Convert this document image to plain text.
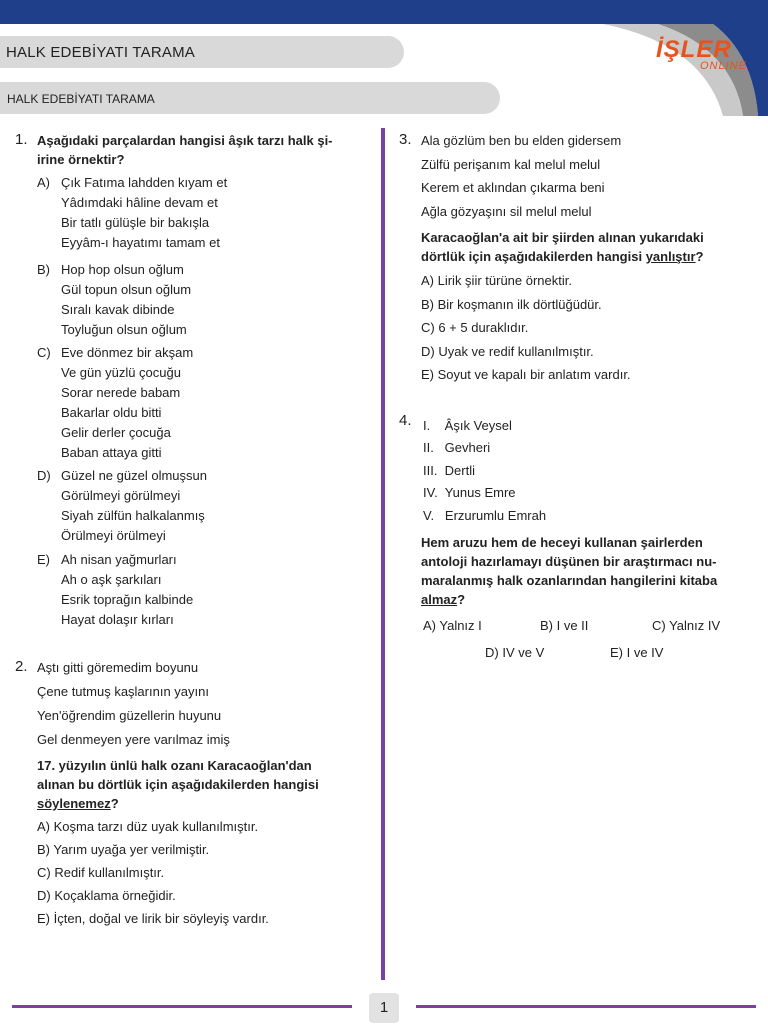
HALK EDEBİYATI TARAMA
HALK EDEBİYATI TARAMA
İŞLER
ONLINE
1. Aşağıdaki parçalardan hangisi âşık tarzı halk şi-
irine örnektir?
A) Çık Fatıma lahdden kıyam et
Yâdımdaki hâline devam et
Bir tatlı gülüşle bir bakışla
Eyyâm-ı hayatımı tamam et
B) Hop hop olsun oğlum
Gül topun olsun oğlum
Sıralı kavak dibinde
Toyluğun olsun oğlum
C) Eve dönmez bir akşam
Ve gün yüzlü çocuğu
Sorar nerede babam
Bakarlar oldu bitti
Gelir derler çocuğa
Baban attaya gitti
D) Güzel ne güzel olmuşsun
Görülmeyi görülmeyi
Siyah zülfün halkalanmış
Örülmeyi örülmeyi
E) Ah nisan yağmurları
Ah o aşk şarkıları
Esrik toprağın kalbinde
Hayat dolaşır kırları
2. Aştı gitti göremedim boyunu
Çene tutmuş kaşlarının yayını
Yen'öğrendim güzellerin huyunu
Gel denmeyen yere varılmaz imiş
17. yüzyılın ünlü halk ozanı Karacaoğlan'dan
alınan bu dörtlük için aşağıdakilerden hangisi
söylenemez?
A) Koşma tarzı düz uyak kullanılmıştır.
B) Yarım uyağa yer verilmiştir.
C) Redif kullanılmıştır.
D) Koçaklama örneğidir.
E) İçten, doğal ve lirik bir söyleyiş vardır.
3. Ala gözlüm ben bu elden gidersem
Zülfü perişanım kal melul melul
Kerem et aklından çıkarma beni
Ağla gözyaşını sil melul melul
Karacaoğlan'a ait bir şiirden alınan yukarıdaki
dörtlük için aşağıdakilerden hangisi yanlıştır?
A) Lirik şiir türüne örnektir.
B) Bir koşmanın ilk dörtlüğüdür.
C) 6 + 5 duraklıdır.
D) Uyak ve redif kullanılmıştır.
E) Soyut ve kapalı bir anlatım vardır.
4. I.    Âşık Veysel
II.   Gevheri
III.  Dertli
IV.  Yunus Emre
V.   Erzurumlu Emrah
Hem aruzu hem de heceyi kullanan şairlerden
antoloji hazırlamayı düşünen bir araştırmacı nu-
maralanmış halk ozanlarından hangilerini kitaba
almaz?
A) Yalnız I	B) I ve II	C) Yalnız IV
D) IV ve V	E) I ve IV
1
